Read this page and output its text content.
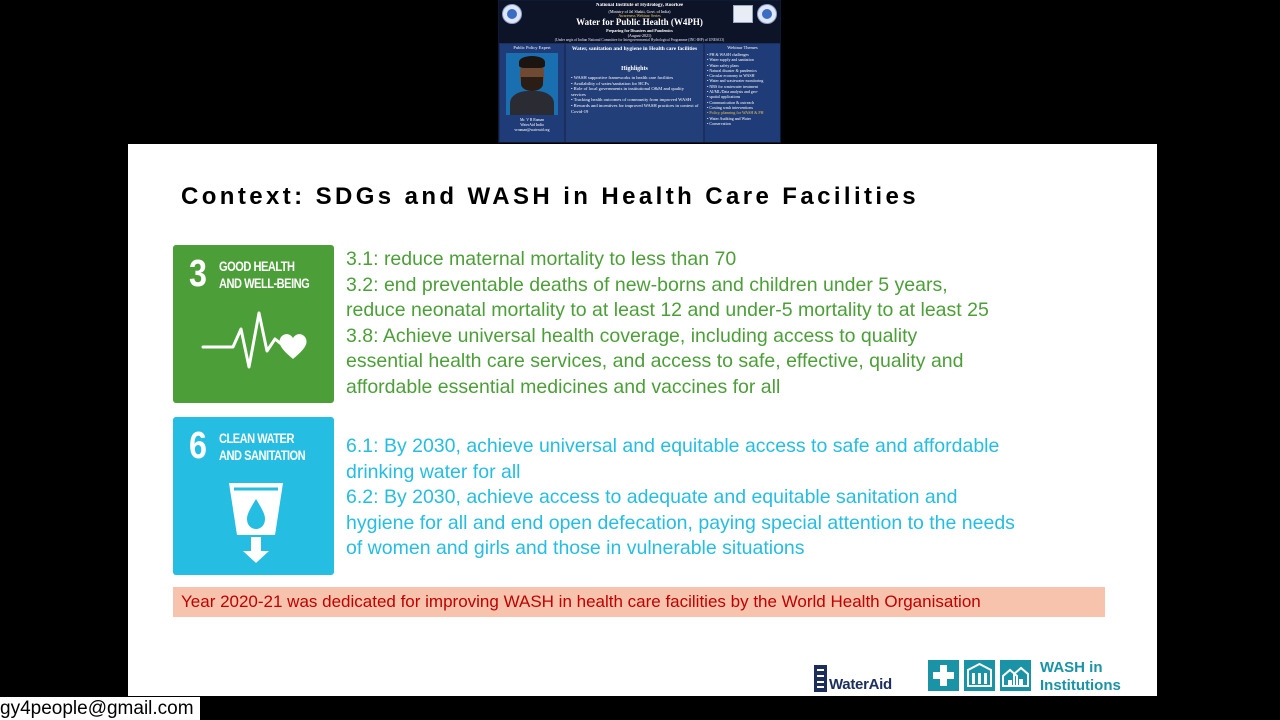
National Institute of Hydrology, Roorkee
(Ministry of Jal Shakti, Govt. of India)
Awareness Webinar Series
Water for Public Health (W4PH)
Preparing for Disasters and Pandemics
(August-2021)
(Under aegis of Indian National Committee for Intergovernmental Hydrological Programme (INC-IHP) of UNESCO)
Public Policy Expert
Mr. V R Raman
WaterAid India
vrraman@wateraid.org
Water, sanitation and hygiene in Health care facilities
Highlights
• WASH supportive frameworks in health care facilities
• Availability of water/sanitation for HCFs
• Role of local governments in institutional O&M and quality services
• Tracking health outcomes of community from improved WASH
• Rewards and incentives for improved WASH practices in context of Covid-19
Webinar Themes
• PH & WASH challenges
• Water supply and sanitation
• Water safety plans
• Natural disaster & pandemics
• Circular economy in WASH
• Water and wastewater monitoring
• NBS for wastewater treatment
• AI/ML/Data analysis and geo-
• spatial applications
• Communication & outreach
• Costing wash interventions
• Policy, planning for WASH & PH
• Water Auditing and Water
• Conservation
Context: SDGs and WASH in Health Care Facilities
3 GOOD HEALTH
AND WELL-BEING
3.1: reduce maternal mortality to less than 70
3.2: end preventable deaths of new-borns and children under 5 years,
reduce neonatal mortality to at least 12 and under-5 mortality to at least 25
3.8: Achieve universal health coverage, including access to quality
essential health care services, and access to safe, effective, quality and
affordable essential medicines and vaccines for all
6 CLEAN WATER
AND SANITATION 6.1: By 2030, achieve universal and equitable access to safe and affordable
drinking water for all
6.2: By 2030, achieve access to adequate and equitable sanitation and
hygiene for all and end open defecation, paying special attention to the needs
of women and girls and those in vulnerable situations
Year 2020-21 was dedicated for improving WASH in health care facilities by the World Health Organisation
WaterAid
WASH in
Institutions
gy4people@gmail.com
